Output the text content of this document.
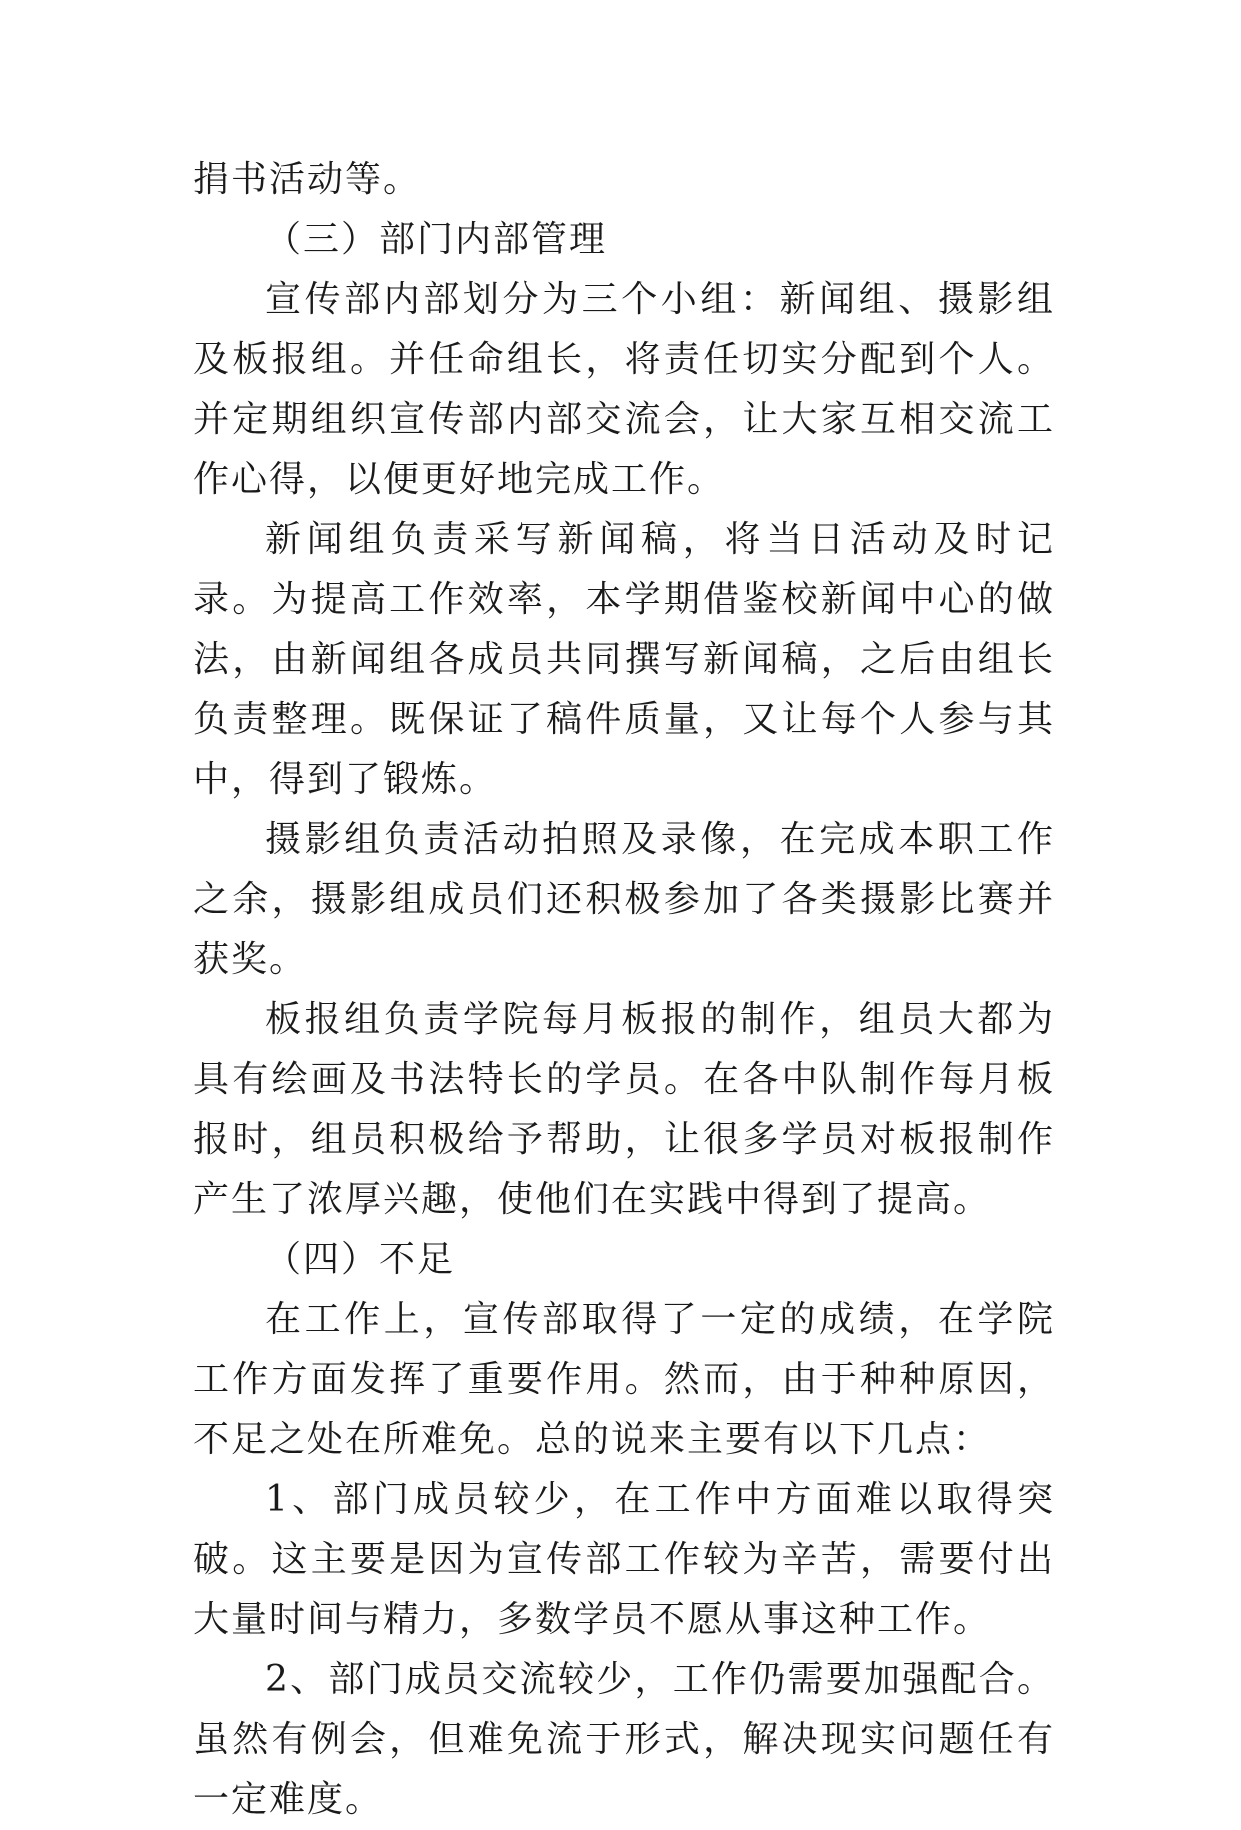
捐书活动等。

（三）部门内部管理

宣传部内部划分为三个小组：新闻组、摄影组及板报组。并任命组长，将责任切实分配到个人。并定期组织宣传部内部交流会，让大家互相交流工作心得，以便更好地完成工作。

新闻组负责采写新闻稿，将当日活动及时记录。为提高工作效率，本学期借鉴校新闻中心的做法，由新闻组各成员共同撰写新闻稿，之后由组长负责整理。既保证了稿件质量，又让每个人参与其中，得到了锻炼。

摄影组负责活动拍照及录像，在完成本职工作之余，摄影组成员们还积极参加了各类摄影比赛并获奖。

板报组负责学院每月板报的制作，组员大都为具有绘画及书法特长的学员。在各中队制作每月板报时，组员积极给予帮助，让很多学员对板报制作产生了浓厚兴趣，使他们在实践中得到了提高。

（四）不足

在工作上，宣传部取得了一定的成绩，在学院工作方面发挥了重要作用。然而，由于种种原因，不足之处在所难免。总的说来主要有以下几点：

1、部门成员较少，在工作中方面难以取得突破。这主要是因为宣传部工作较为辛苦，需要付出大量时间与精力，多数学员不愿从事这种工作。

2、部门成员交流较少，工作仍需要加强配合。虽然有例会，但难免流于形式，解决现实问题任有一定难度。
